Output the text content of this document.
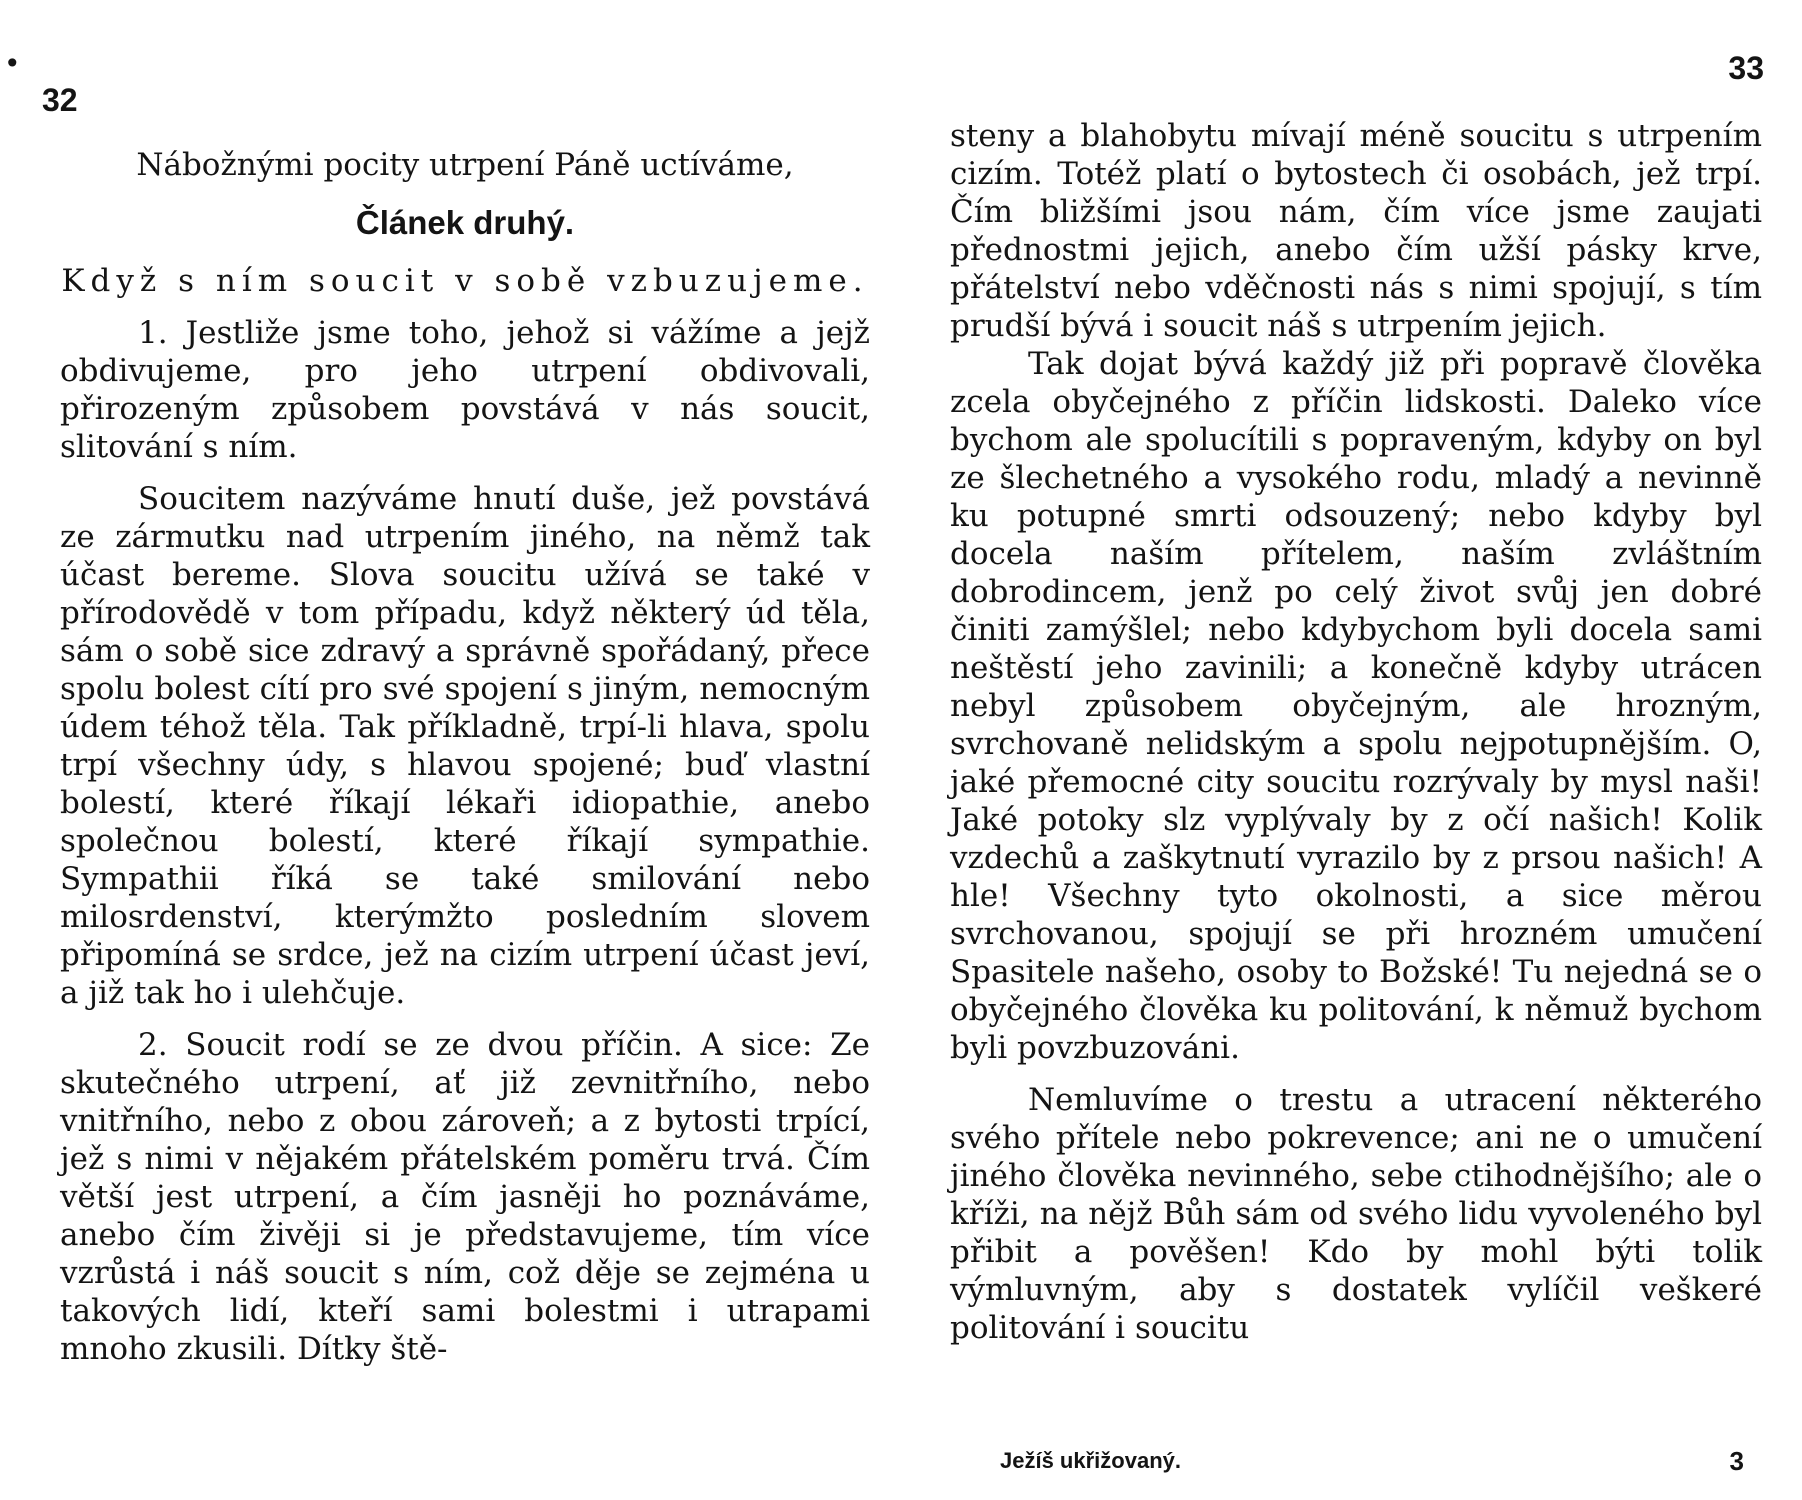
•
32

Nábožnými pocity utrpení Páně uctíváme,

Článek druhý.

Když s ním soucit v sobě vzbuzujeme.

1. Jestliže jsme toho, jehož si vážíme a jejž obdivujeme, pro jeho utrpení obdivovali, přirozeným způsobem povstává v nás soucit, slitování s ním.

Soucitem nazýváme hnutí duše, jež povstává ze zármutku nad utrpením jiného, na němž tak účast bereme. Slova soucitu užívá se také v přírodovědě v tom případu, když některý úd těla, sám o sobě sice zdravý a správně spořádaný, přece spolu bolest cítí pro své spojení s jiným, nemocným údem téhož těla. Tak příkladně, trpí-li hlava, spolu trpí všechny údy, s hlavou spojené; buď vlastní bolestí, které říkají lékaři idiopathie, anebo společnou bolestí, které říkají sympathie. Sympathii říká se také smilování nebo milosrdenství, kterýmžto posledním slovem připomíná se srdce, jež na cizím utrpení účast jeví, a již tak ho i ulehčuje.

2. Soucit rodí se ze dvou příčin. A sice: Ze skutečného utrpení, ať již zevnitřního, nebo vnitřního, nebo z obou zároveň; a z bytosti trpící, jež s nimi v nějakém přátelském poměru trvá. Čím větší jest utrpení, a čím jasněji ho poznáváme, anebo čím živěji si je představujeme, tím více vzrůstá i náš soucit s ním, což děje se zejména u takových lidí, kteří sami bolestmi i utrapami mnoho zkusili. Dítky ště-

33

steny a blahobytu mívají méně soucitu s utrpením cizím. Totéž platí o bytostech či osobách, jež trpí. Čím bližšími jsou nám, čím více jsme zaujati přednostmi jejich, anebo čím užší pásky krve, přátelství nebo vděčnosti nás s nimi spojují, s tím prudší bývá i soucit náš s utrpením jejich.

Tak dojat bývá každý již při popravě člověka zcela obyčejného z příčin lidskosti. Daleko více bychom ale spolucítili s popraveným, kdyby on byl ze šlechetného a vysokého rodu, mladý a nevinně ku potupné smrti odsouzený; nebo kdyby byl docela naším přítelem, naším zvláštním dobrodincem, jenž po celý život svůj jen dobré činiti zamýšlel; nebo kdybychom byli docela sami neštěstí jeho zavinili; a konečně kdyby utrácen nebyl způsobem obyčejným, ale hrozným, svrchovaně nelidským a spolu nejpotupnějším. O, jaké přemocné city soucitu rozrývaly by mysl naši! Jaké potoky slz vyplývaly by z očí našich! Kolik vzdechů a zaškytnutí vyrazilo by z prsou našich! A hle! Všechny tyto okolnosti, a sice měrou svrchovanou, spojují se při hrozném umučení Spasitele našeho, osoby to Božské! Tu nejedná se o obyčejného člověka ku politování, k němuž bychom byli povzbuzováni.

Nemluvíme o trestu a utracení některého svého přítele nebo pokrevence; ani ne o umučení jiného člověka nevinného, sebe ctihodnějšího; ale o kříži, na nějž Bůh sám od svého lidu vyvoleného byl přibit a pověšen! Kdo by mohl býti tolik výmluvným, aby s dostatek vylíčil veškeré politování i soucitu

Ježíš ukřižovaný.	3
